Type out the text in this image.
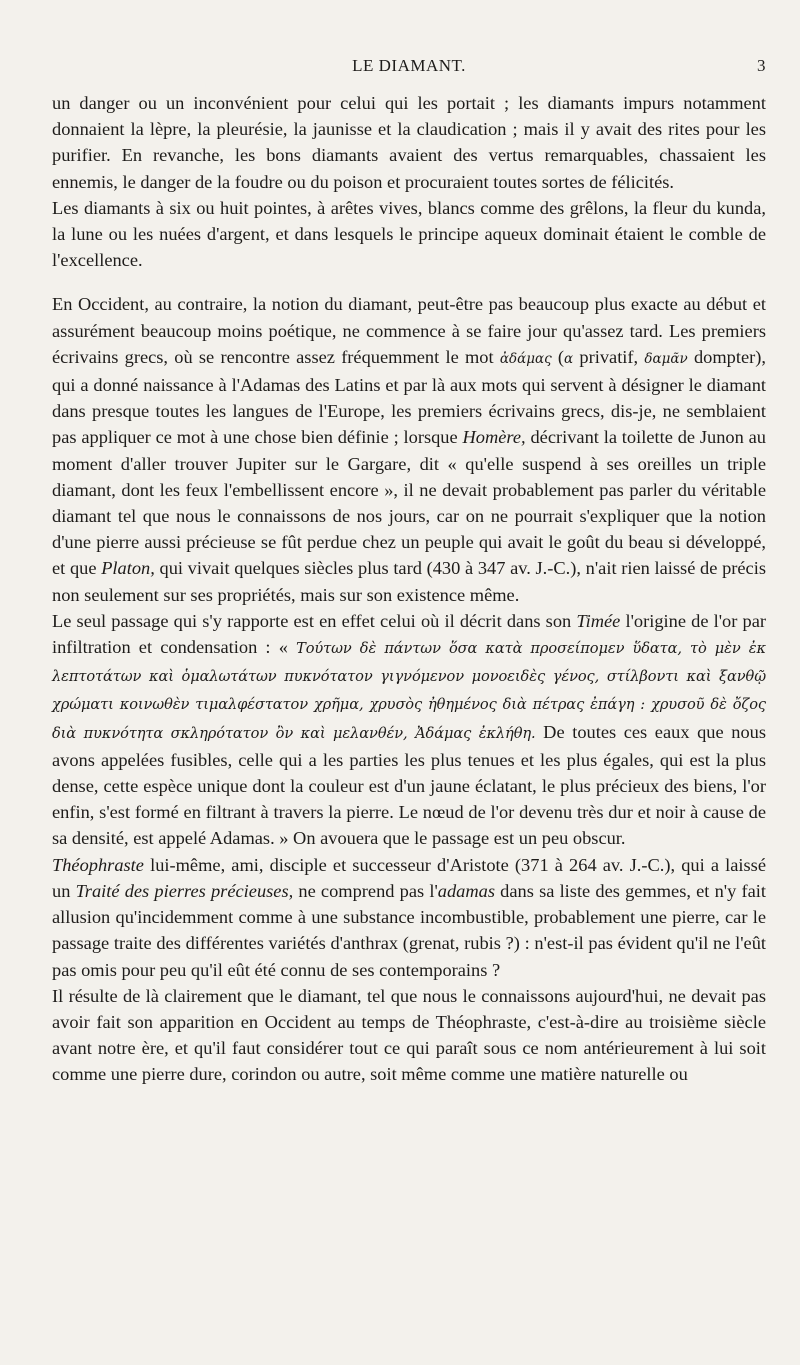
LE DIAMANT.	3

un danger ou un inconvénient pour celui qui les portait ; les diamants impurs notamment donnaient la lèpre, la pleurésie, la jaunisse et la claudication ; mais il y avait des rites pour les purifier. En revanche, les bons diamants avaient des vertus remarquables, chassaient les ennemis, le danger de la foudre ou du poison et procuraient toutes sortes de félicités.

Les diamants à six ou huit pointes, à arêtes vives, blancs comme des grêlons, la fleur du kunda, la lune ou les nuées d'argent, et dans lesquels le principe aqueux dominait étaient le comble de l'excellence.

En Occident, au contraire, la notion du diamant, peut-être pas beaucoup plus exacte au début et assurément beaucoup moins poétique, ne commence à se faire jour qu'assez tard. Les premiers écrivains grecs, où se rencontre assez fréquemment le mot ἀδάμας (α privatif, δαμᾶν dompter), qui a donné naissance à l'Adamas des Latins et par là aux mots qui servent à désigner le diamant dans presque toutes les langues de l'Europe, les premiers écrivains grecs, dis-je, ne semblaient pas appliquer ce mot à une chose bien définie ; lorsque Homère, décrivant la toilette de Junon au moment d'aller trouver Jupiter sur le Gargare, dit « qu'elle suspend à ses oreilles un triple diamant, dont les feux l'embellissent encore », il ne devait probablement pas parler du véritable diamant tel que nous le connaissons de nos jours, car on ne pourrait s'expliquer que la notion d'une pierre aussi précieuse se fût perdue chez un peuple qui avait le goût du beau si développé, et que Platon, qui vivait quelques siècles plus tard (430 à 347 av. J.-C.), n'ait rien laissé de précis non seulement sur ses propriétés, mais sur son existence même.

Le seul passage qui s'y rapporte est en effet celui où il décrit dans son Timée l'origine de l'or par infiltration et condensation : « Τούτων δὲ πάντων ὅσα κατὰ προσείπομεν ὕδατα, τὸ μὲν ἐκ λεπτοτάτων καὶ ὁμαλωτάτων πυκνότατον γιγνόμενον μονοειδὲς γένος, στίλβοντι καὶ ξανθῷ χρώματι κοινωθὲν τιμαλφέστατον χρῆμα, χρυσὸς ἠθημένος διὰ πέτρας ἐπάγη : χρυσοῦ δὲ ὄζος διὰ πυκνότητα σκληρότατον ὂν καὶ μελανθέν, Ἀδάμας ἐκλήθη. De toutes ces eaux que nous avons appelées fusibles, celle qui a les parties les plus tenues et les plus égales, qui est la plus dense, cette espèce unique dont la couleur est d'un jaune éclatant, le plus précieux des biens, l'or enfin, s'est formé en filtrant à travers la pierre. Le nœud de l'or devenu très dur et noir à cause de sa densité, est appelé Adamas. » On avouera que le passage est un peu obscur.

Théophraste lui-même, ami, disciple et successeur d'Aristote (371 à 264 av. J.-C.), qui a laissé un Traité des pierres précieuses, ne comprend pas l'adamas dans sa liste des gemmes, et n'y fait allusion qu'incidemment comme à une substance incombustible, probablement une pierre, car le passage traite des différentes variétés d'anthrax (grenat, rubis ?) : n'est-il pas évident qu'il ne l'eût pas omis pour peu qu'il eût été connu de ses contemporains ?

Il résulte de là clairement que le diamant, tel que nous le connaissons aujourd'hui, ne devait pas avoir fait son apparition en Occident au temps de Théophraste, c'est-à-dire au troisième siècle avant notre ère, et qu'il faut considérer tout ce qui paraît sous ce nom antérieurement à lui soit comme une pierre dure, corindon ou autre, soit même comme une matière naturelle ou
